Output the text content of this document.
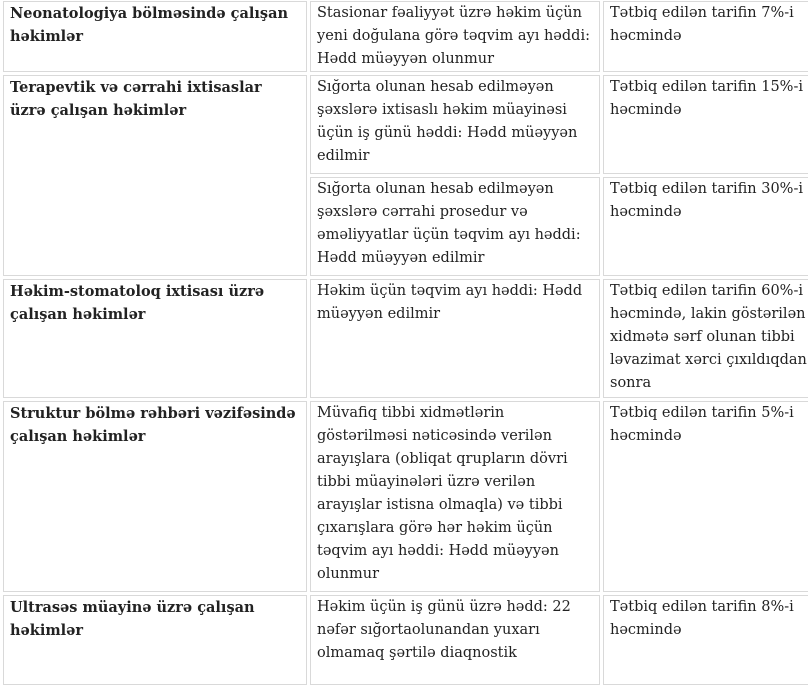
Neonatologiya bölməsində çalışan həkimlər	Stasionar fəaliyyət üzrə həkim üçün yeni doğulana görə təqvim ayı həddi: Hədd müəyyən olunmur	Tətbiq edilən tarifin 7%-i həcmində

Terapevtik və cərrahi ixtisaslar üzrə çalışan həkimlər	Sığorta olunan hesab edilməyən şəxslərə ixtisaslı həkim müayinəsi üçün iş günü həddi: Hədd müəyyən edilmir	Tətbiq edilən tarifin 15%-i həcmində

	Sığorta olunan hesab edilməyən şəxslərə cərrahi prosedur və əməliyyatlar üçün təqvim ayı həddi: Hədd müəyyən edilmir	Tətbiq edilən tarifin 30%-i həcmində

Həkim-stomatoloq ixtisası üzrə çalışan həkimlər	Həkim üçün təqvim ayı həddi: Hədd müəyyən edilmir	Tətbiq edilən tarifin 60%-i həcmində, lakin göstərilən xidmətə sərf olunan tibbi ləvazimat xərci çıxıldıqdan sonra

Struktur bölmə rəhbəri vəzifəsində çalışan həkimlər	Müvafiq tibbi xidmətlərin göstərilməsi nəticəsində verilən arayışlara (obliqat qrupların dövri tibbi müayinələri üzrə verilən arayışlar istisna olmaqla) və tibbi çıxarışlara görə hər həkim üçün təqvim ayı həddi: Hədd müəyyən olunmur	Tətbiq edilən tarifin 5%-i həcmində

Ultrasəs müayinə üzrə çalışan həkimlər	Həkim üçün iş günü üzrə hədd: 22 nəfər sığortaolunandan yuxarı olmamaq şərtilə diaqnostik	Tətbiq edilən tarifin 8%-i həcmində
